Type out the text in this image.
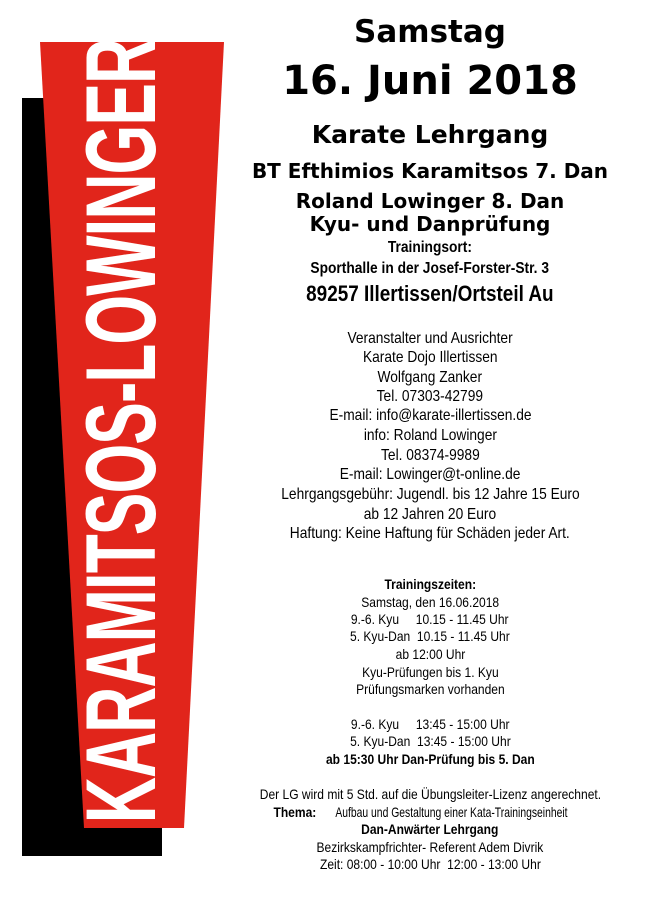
KARAMITSOS-LOWINGER
Samstag
16. Juni 2018
Karate Lehrgang
BT Efthimios Karamitsos 7. Dan
Roland Lowinger 8. Dan
Kyu- und Danprüfung
Trainingsort:
Sporthalle in der Josef-Forster-Str. 3
89257 Illertissen/Ortsteil Au
Veranstalter und Ausrichter
Karate Dojo Illertissen
Wolfgang Zanker
Tel. 07303-42799
E-mail: info@karate-illertissen.de
info: Roland Lowinger
Tel. 08374-9989
E-mail: Lowinger@t-online.de
Lehrgangsgebühr: Jugendl. bis 12 Jahre 15 Euro
ab 12 Jahren 20 Euro
Haftung: Keine Haftung für Schäden jeder Art.
Trainingszeiten:
Samstag, den 16.06.2018
9.-6. Kyu     10.15 - 11.45 Uhr
5. Kyu-Dan  10.15 - 11.45 Uhr
ab 12:00 Uhr
Kyu-Prüfungen bis 1. Kyu
Prüfungsmarken vorhanden
9.-6. Kyu     13:45 - 15:00 Uhr
5. Kyu-Dan  13:45 - 15:00 Uhr
ab 15:30 Uhr Dan-Prüfung bis 5. Dan
Der LG wird mit 5 Std. auf die Übungsleiter-Lizenz angerechnet.
Thema:Aufbau und Gestaltung einer Kata-Trainingseinheit
Dan-Anwärter Lehrgang
Bezirkskampfrichter- Referent Adem Divrik
Zeit: 08:00 - 10:00 Uhr  12:00 - 13:00 Uhr
